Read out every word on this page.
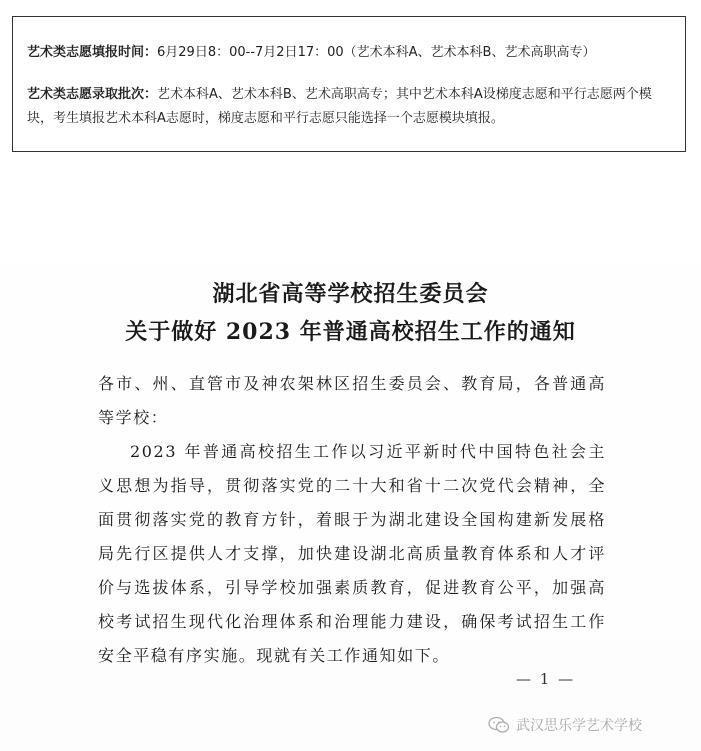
艺术类志愿填报时间：6月29日8：00--7月2日17：00（艺术本科A、艺术本科B、艺术高职高专）
艺术类志愿录取批次：艺术本科A、艺术本科B、艺术高职高专；其中艺术本科A设梯度志愿和平行志愿两个模块，考生填报艺术本科A志愿时，梯度志愿和平行志愿只能选择一个志愿模块填报。
湖北省高等学校招生委员会
关于做好 2023 年普通高校招生工作的通知

各市、州、直管市及神农架林区招生委员会、教育局，各普通高等学校：

2023 年普通高校招生工作以习近平新时代中国特色社会主义思想为指导，贯彻落实党的二十大和省十二次党代会精神，全面贯彻落实党的教育方针，着眼于为湖北建设全国构建新发展格局先行区提供人才支撑，加快建设湖北高质量教育体系和人才评价与选拔体系，引导学校加强素质教育，促进教育公平，加强高校考试招生现代化治理体系和治理能力建设，确保考试招生工作安全平稳有序实施。现就有关工作通知如下。

— 1 —
武汉思乐学艺术学校
